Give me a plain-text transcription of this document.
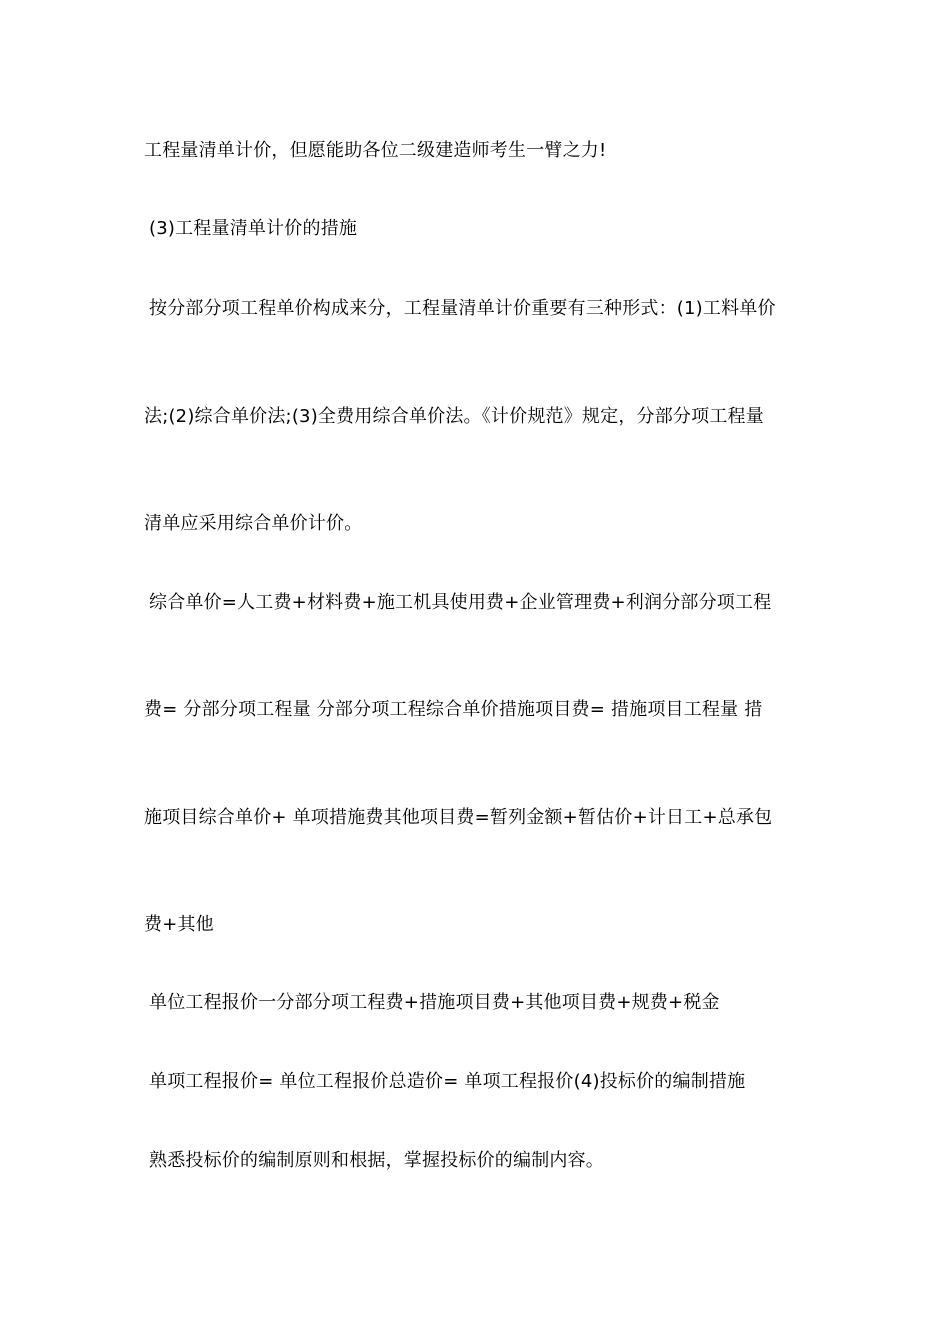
工程量清单计价，但愿能助各位二级建造师考生一臂之力!
(3)工程量清单计价的措施
按分部分项工程单价构成来分，工程量清单计价重要有三种形式：(1)工料单价
法;(2)综合单价法;(3)全费用综合单价法。《计价规范》规定，分部分项工程量
清单应采用综合单价计价。
综合单价=人工费+材料费+施工机具使用费+企业管理费+利润分部分项工程
费= 分部分项工程量 分部分项工程综合单价措施项目费= 措施项目工程量 措
施项目综合单价+ 单项措施费其他项目费=暂列金额+暂估价+计日工+总承包
费+其他
单位工程报价一分部分项工程费+措施项目费+其他项目费+规费+税金
单项工程报价= 单位工程报价总造价= 单项工程报价(4)投标价的编制措施
熟悉投标价的编制原则和根据，掌握投标价的编制内容。
